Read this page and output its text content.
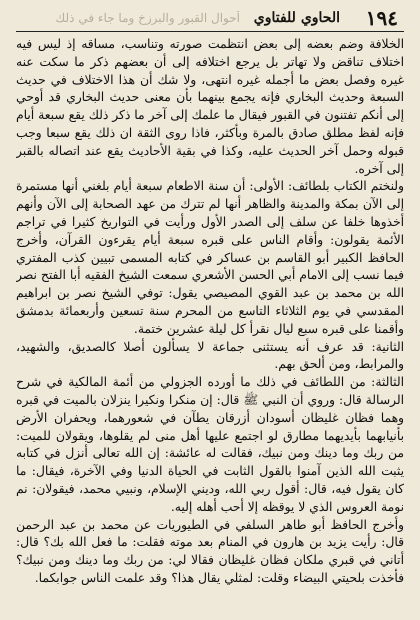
١٩٤
الحاوي للفتاوي
أحوال القبور والبرزخ وما جاء في ذلك

الخلافة وضم بعضه إلى بعض انتظمت صورته وتناسب، مساقه إذ ليس فيه اختلاف تناقض ولا تهاتر بل يرجع اختلافه إلى أن بعضهم ذكر ما سكت عنه غيره وفصل بعض ما أجمله غيره انتهى، ولا شك أن هذا الاختلاف في حديث السبعة وحديث البخاري فإنه يجمع بينهما بأن معنى حديث البخاري قد أوحي إلى أنكم تفتنون في القبور فيقال ما علمك إلى آخر ما ذكر ذلك يقع سبعة أيام فإنه لفظ مطلق صادق بالمرة وبأكثر، فاذا روى الثقة ان ذلك يقع سبعا وجب قبوله وحمل آخر الحديث عليه، وكذا في بقية الأحاديث يقع عند اتصاله بالقبر إلى آخره.

ولنختم الكتاب بلطائف: الأولى: أن سنة الاطعام سبعة أيام بلغني أنها مستمرة إلى الآن بمكة والمدينة والظاهر أنها لم تترك من عهد الصحابة إلى الآن وأنهم أخذوها خلفا عن سلف إلى الصدر الأول ورأيت في التواريخ كثيرا في تراجم الأئمة يقولون: وأقام الناس على قبره سبعة أيام يقرءون القرآن، وأخرج الحافظ الكبير أبو القاسم بن عساكر في كتابه المسمى تبيين كذب المفتري فيما نسب إلى الامام أبي الحسن الأشعري سمعت الشيخ الفقيه أبا الفتح نصر الله بن محمد بن عبد القوي المصيصي يقول: توفي الشيخ نصر بن ابراهيم المقدسي في يوم الثلاثاء التاسع من المحرم سنة تسعين وأربعمائة بدمشق وأقمنا على قبره سبع ليال نقرأ كل ليلة عشرين ختمة.

الثانية: قد عرف أنه يستثنى جماعة لا يسألون أصلا كالصديق، والشهيد، والمرابط، ومن ألحق بهم.

الثالثة: من اللطائف في ذلك ما أورده الجزولي من أئمة المالكية في شرح الرسالة قال: وروي أن النبي ﷺ قال: إن منكرا ونكيرا ينزلان بالميت في قبره وهما فظان غليظان أسودان أزرقان يطآن في شعورهما، ويحفران الأرض بأنيابهما بأيديهما مطارق لو اجتمع عليها أهل منى لم يقلوها، ويقولان للميت: من ربك وما دينك ومن نبيك، فقالت له عائشة: إن الله تعالى أنزل في كتابه يثبت الله الذين آمنوا بالقول الثابت في الحياة الدنيا وفي الآخرة، فيقال: ما كان يقول فيه، قال: أقول ربي الله، وديني الإسلام، ونبيي محمد، فيقولان: نم نومة العروس الذي لا يوقظه إلا أحب أهله إليه.

وأخرج الحافظ أبو طاهر السلفي في الطيوريات عن محمد بن عبد الرحمن قال: رأيت يزيد بن هارون في المنام بعد موته فقلت: ما فعل الله بك؟ قال: أتاني في قبري ملكان فظان غليظان فقالا لي: من ربك وما دينك ومن نبيك؟ فأخذت بلحيتي البيضاء وقلت: لمثلي يقال هذا؟ وقد علمت الناس جوابكما.
